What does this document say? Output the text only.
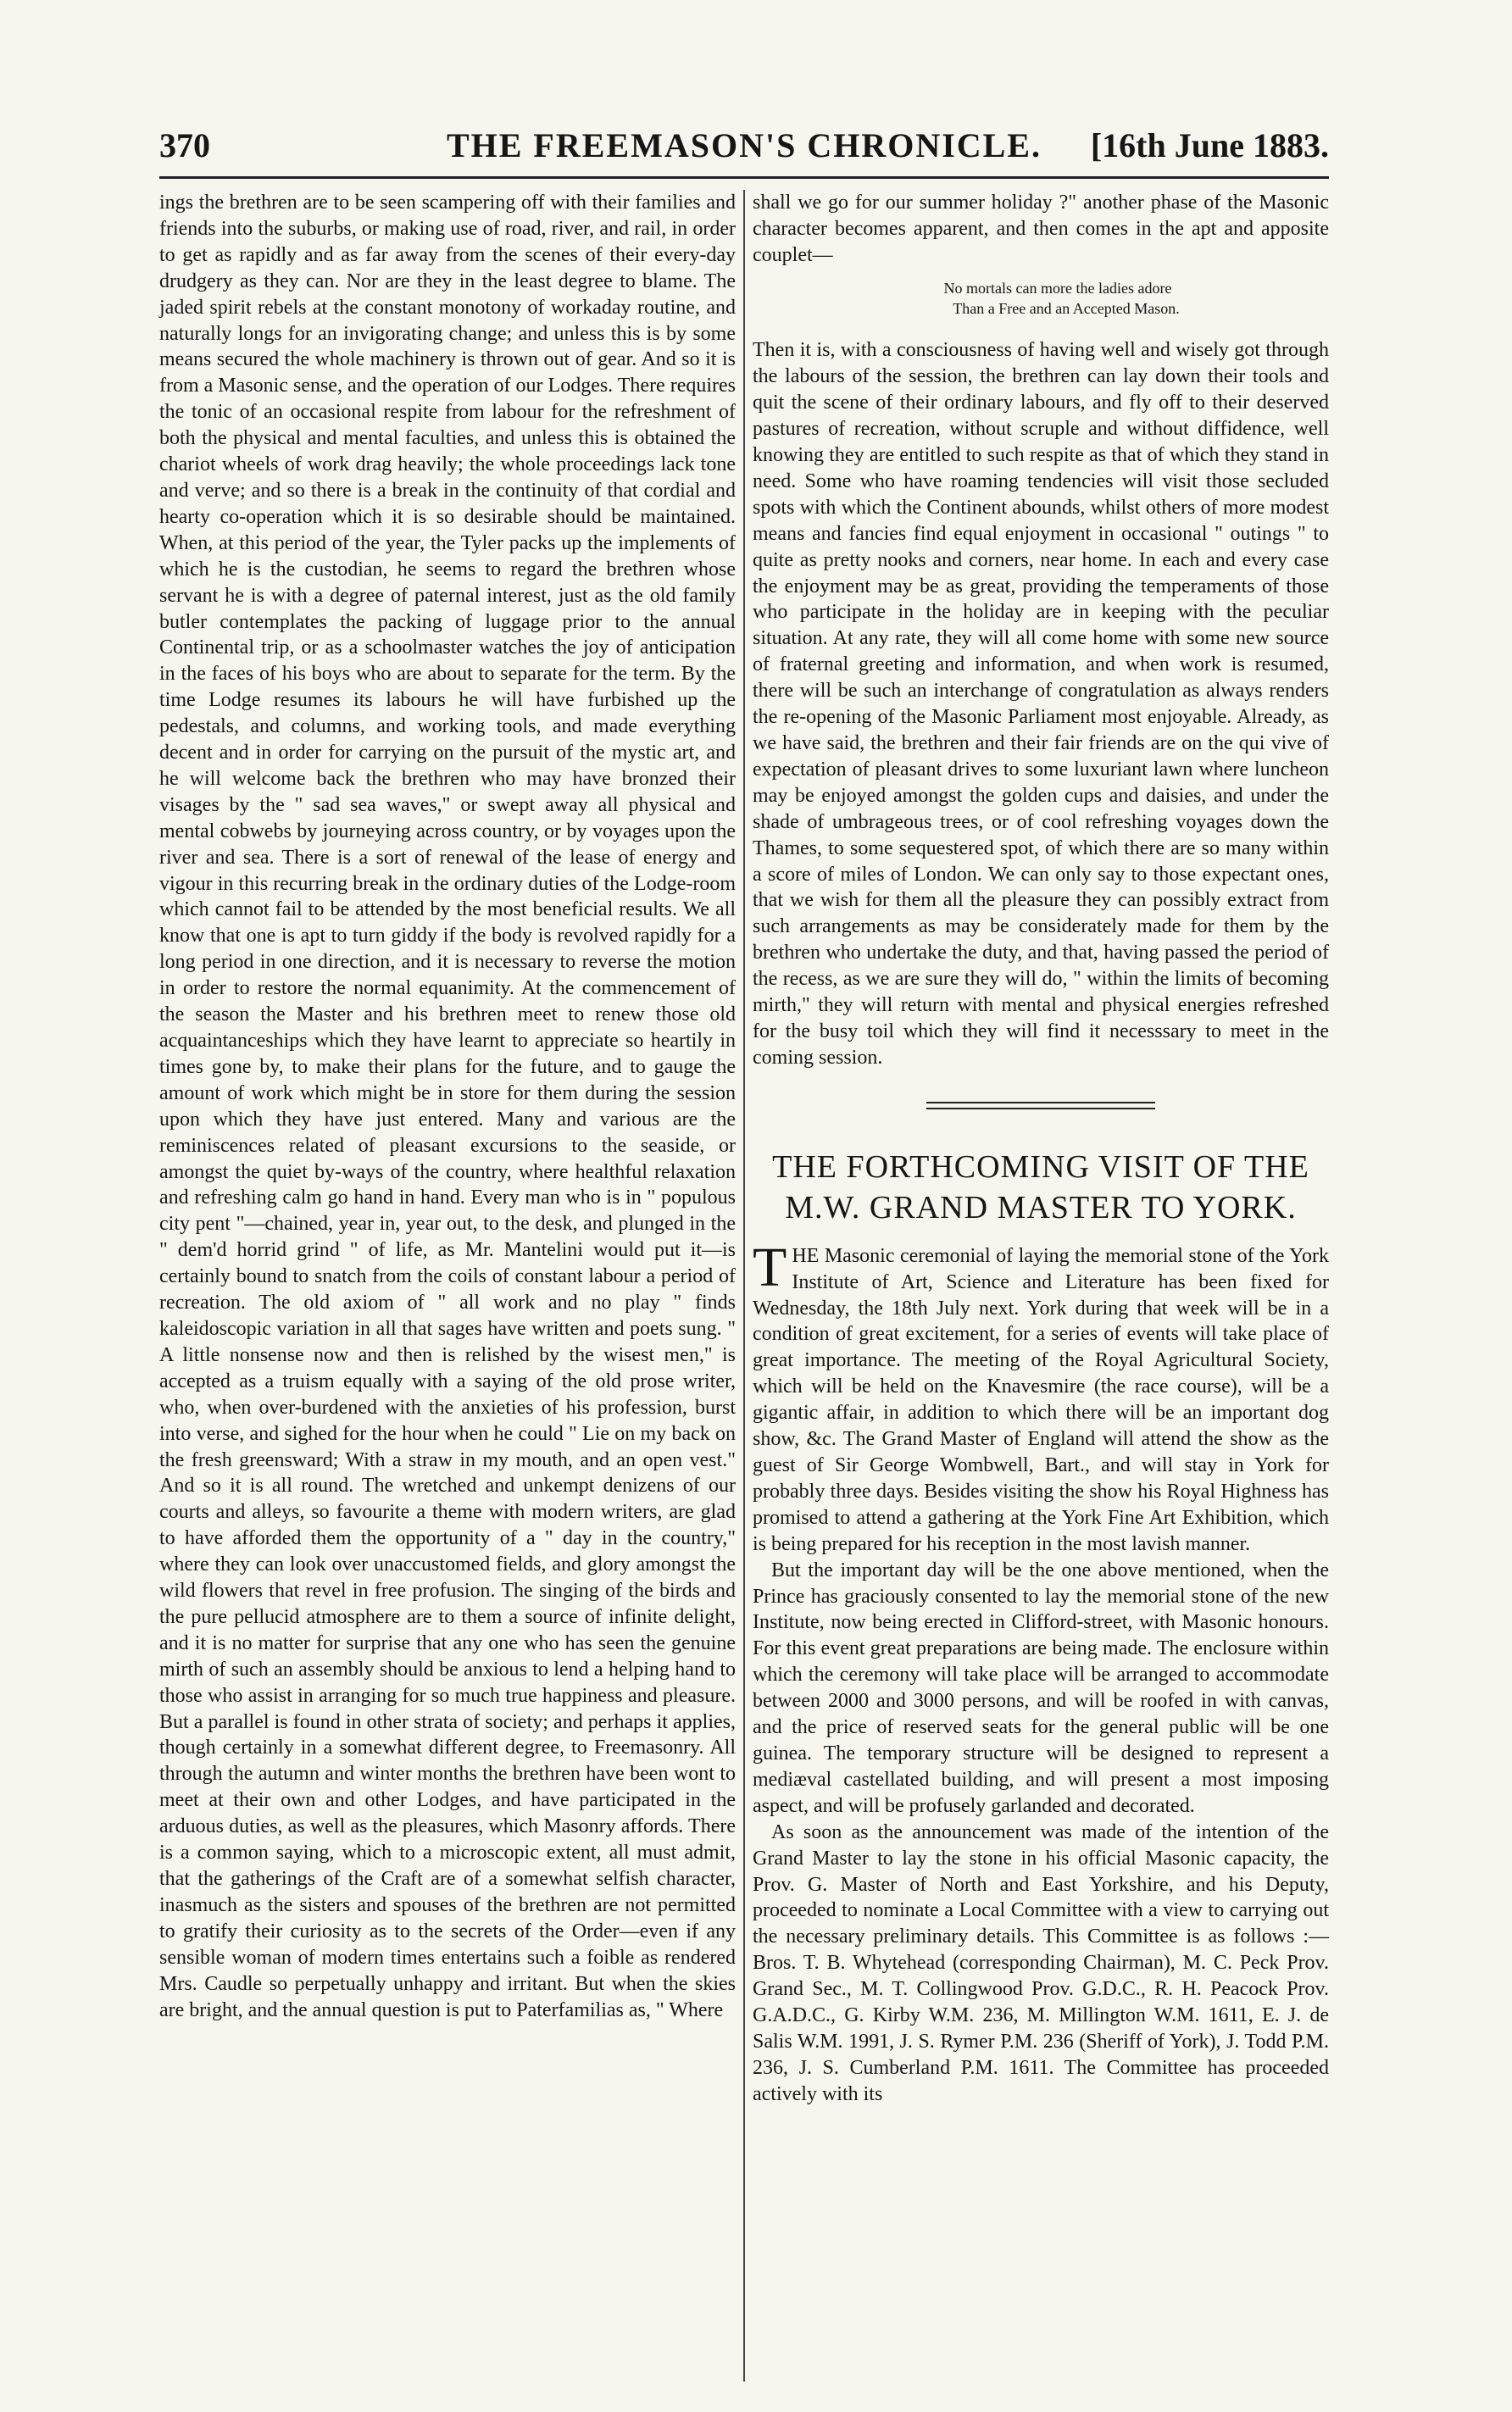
370	THE FREEMASON'S CHRONICLE.	[16th June 1883.

ings the brethren are to be seen scampering off with their families and friends into the suburbs, or making use of road, river, and rail, in order to get as rapidly and as far away from the scenes of their every-day drudgery as they can. Nor are they in the least degree to blame. The jaded spirit rebels at the constant monotony of workaday routine, and naturally longs for an invigorating change; and unless this is by some means secured the whole machinery is thrown out of gear. And so it is from a Masonic sense, and the operation of our Lodges. There requires the tonic of an occasional respite from labour for the refreshment of both the physical and mental faculties, and unless this is obtained the chariot wheels of work drag heavily; the whole proceedings lack tone and verve; and so there is a break in the continuity of that cordial and hearty co-operation which it is so desirable should be maintained. When, at this period of the year, the Tyler packs up the implements of which he is the custodian, he seems to regard the brethren whose servant he is with a degree of paternal interest, just as the old family butler contemplates the packing of luggage prior to the annual Continental trip, or as a schoolmaster watches the joy of anticipation in the faces of his boys who are about to separate for the term. By the time Lodge resumes its labours he will have furbished up the pedestals, and columns, and working tools, and made everything decent and in order for carrying on the pursuit of the mystic art, and he will welcome back the brethren who may have bronzed their visages by the " sad sea waves," or swept away all physical and mental cobwebs by journeying across country, or by voyages upon the river and sea. There is a sort of renewal of the lease of energy and vigour in this recurring break in the ordinary duties of the Lodge-room which cannot fail to be attended by the most beneficial results. We all know that one is apt to turn giddy if the body is revolved rapidly for a long period in one direction, and it is necessary to reverse the motion in order to restore the normal equanimity. At the commencement of the season the Master and his brethren meet to renew those old acquaintanceships which they have learnt to appreciate so heartily in times gone by, to make their plans for the future, and to gauge the amount of work which might be in store for them during the session upon which they have just entered. Many and various are the reminiscences related of pleasant excursions to the seaside, or amongst the quiet by-ways of the country, where healthful relaxation and refreshing calm go hand in hand. Every man who is in " populous city pent "—chained, year in, year out, to the desk, and plunged in the " dem'd horrid grind " of life, as Mr. Mantelini would put it—is certainly bound to snatch from the coils of constant labour a period of recreation. The old axiom of " all work and no play " finds kaleidoscopic variation in all that sages have written and poets sung. " A little nonsense now and then is relished by the wisest men," is accepted as a truism equally with a saying of the old prose writer, who, when over-burdened with the anxieties of his profession, burst into verse, and sighed for the hour when he could " Lie on my back on the fresh greensward; With a straw in my mouth, and an open vest." And so it is all round. The wretched and unkempt denizens of our courts and alleys, so favourite a theme with modern writers, are glad to have afforded them the opportunity of a " day in the country," where they can look over unaccustomed fields, and glory amongst the wild flowers that revel in free profusion. The singing of the birds and the pure pellucid atmosphere are to them a source of infinite delight, and it is no matter for surprise that any one who has seen the genuine mirth of such an assembly should be anxious to lend a helping hand to those who assist in arranging for so much true happiness and pleasure. But a parallel is found in other strata of society; and perhaps it applies, though certainly in a somewhat different degree, to Freemasonry. All through the autumn and winter months the brethren have been wont to meet at their own and other Lodges, and have participated in the arduous duties, as well as the pleasures, which Masonry affords. There is a common saying, which to a microscopic extent, all must admit, that the gatherings of the Craft are of a somewhat selfish character, inasmuch as the sisters and spouses of the brethren are not permitted to gratify their curiosity as to the secrets of the Order—even if any sensible woman of modern times entertains such a foible as rendered Mrs. Caudle so perpetually unhappy and irritant. But when the skies are bright, and the annual question is put to Paterfamilias as, " Where

shall we go for our summer holiday ?" another phase of the Masonic character becomes apparent, and then comes in the apt and apposite couplet—

No mortals can more the ladies adore
Than a Free and an Accepted Mason.

Then it is, with a consciousness of having well and wisely got through the labours of the session, the brethren can lay down their tools and quit the scene of their ordinary labours, and fly off to their deserved pastures of recreation, without scruple and without diffidence, well knowing they are entitled to such respite as that of which they stand in need. Some who have roaming tendencies will visit those secluded spots with which the Continent abounds, whilst others of more modest means and fancies find equal enjoyment in occasional " outings " to quite as pretty nooks and corners, near home. In each and every case the enjoyment may be as great, providing the temperaments of those who participate in the holiday are in keeping with the peculiar situation. At any rate, they will all come home with some new source of fraternal greeting and information, and when work is resumed, there will be such an interchange of congratulation as always renders the re-opening of the Masonic Parliament most enjoyable. Already, as we have said, the brethren and their fair friends are on the qui vive of expectation of pleasant drives to some luxuriant lawn where luncheon may be enjoyed amongst the golden cups and daisies, and under the shade of umbrageous trees, or of cool refreshing voyages down the Thames, to some sequestered spot, of which there are so many within a score of miles of London. We can only say to those expectant ones, that we wish for them all the pleasure they can possibly extract from such arrangements as may be considerately made for them by the brethren who undertake the duty, and that, having passed the period of the recess, as we are sure they will do, " within the limits of becoming mirth," they will return with mental and physical energies refreshed for the busy toil which they will find it necesssary to meet in the coming session.

THE FORTHCOMING VISIT OF THE
M.W. GRAND MASTER TO YORK.

THE Masonic ceremonial of laying the memorial stone of the York Institute of Art, Science and Literature has been fixed for Wednesday, the 18th July next. York during that week will be in a condition of great excitement, for a series of events will take place of great importance. The meeting of the Royal Agricultural Society, which will be held on the Knavesmire (the race course), will be a gigantic affair, in addition to which there will be an important dog show, &c. The Grand Master of England will attend the show as the guest of Sir George Wombwell, Bart., and will stay in York for probably three days. Besides visiting the show his Royal Highness has promised to attend a gathering at the York Fine Art Exhibition, which is being prepared for his reception in the most lavish manner.

But the important day will be the one above mentioned, when the Prince has graciously consented to lay the memorial stone of the new Institute, now being erected in Clifford-street, with Masonic honours. For this event great preparations are being made. The enclosure within which the ceremony will take place will be arranged to accommodate between 2000 and 3000 persons, and will be roofed in with canvas, and the price of reserved seats for the general public will be one guinea. The temporary structure will be designed to represent a mediæval castellated building, and will present a most imposing aspect, and will be profusely garlanded and decorated.

As soon as the announcement was made of the intention of the Grand Master to lay the stone in his official Masonic capacity, the Prov. G. Master of North and East Yorkshire, and his Deputy, proceeded to nominate a Local Committee with a view to carrying out the necessary preliminary details. This Committee is as follows :—Bros. T. B. Whytehead (corresponding Chairman), M. C. Peck Prov. Grand Sec., M. T. Collingwood Prov. G.D.C., R. H. Peacock Prov. G.A.D.C., G. Kirby W.M. 236, M. Millington W.M. 1611, E. J. de Salis W.M. 1991, J. S. Rymer P.M. 236 (Sheriff of York), J. Todd P.M. 236, J. S. Cumberland P.M. 1611. The Committee has proceeded actively with its
